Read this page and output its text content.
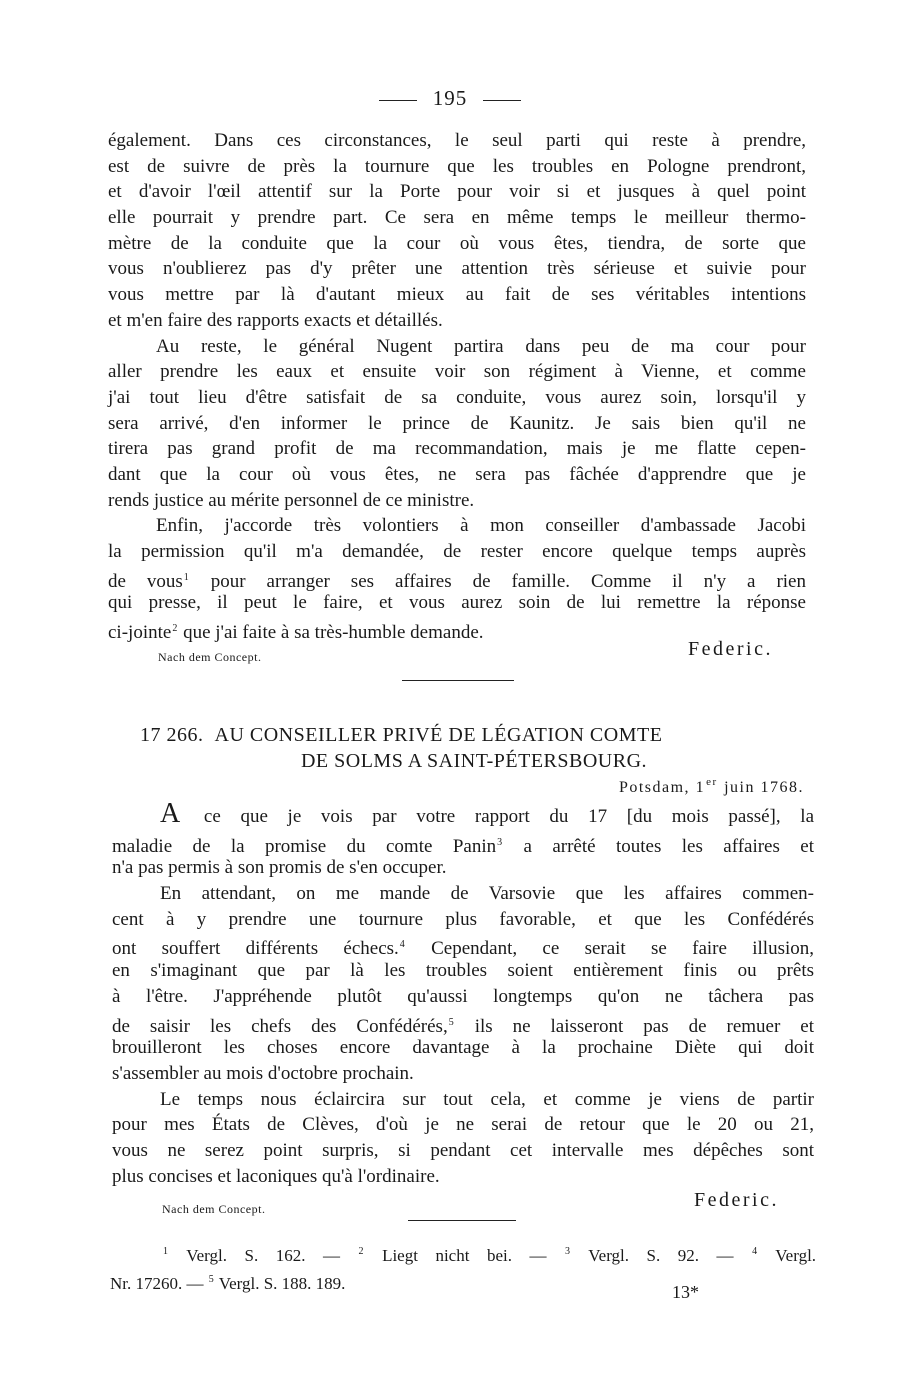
195
également. Dans ces circonstances, le seul parti qui reste à prendre,
est de suivre de près la tournure que les troubles en Pologne prendront,
et d'avoir l'œil attentif sur la Porte pour voir si et jusques à quel point
elle pourrait y prendre part. Ce sera en même temps le meilleur thermo-
mètre de la conduite que la cour où vous êtes, tiendra, de sorte que
vous n'oublierez pas d'y prêter une attention très sérieuse et suivie pour
vous mettre par là d'autant mieux au fait de ses véritables intentions
et m'en faire des rapports exacts et détaillés.
Au reste, le général Nugent partira dans peu de ma cour pour
aller prendre les eaux et ensuite voir son régiment à Vienne, et comme
j'ai tout lieu d'être satisfait de sa conduite, vous aurez soin, lorsqu'il y
sera arrivé, d'en informer le prince de Kaunitz. Je sais bien qu'il ne
tirera pas grand profit de ma recommandation, mais je me flatte cepen-
dant que la cour où vous êtes, ne sera pas fâchée d'apprendre que je
rends justice au mérite personnel de ce ministre.
Enfin, j'accorde très volontiers à mon conseiller d'ambassade Jacobi
la permission qu'il m'a demandée, de rester encore quelque temps auprès
de vous$^1$ pour arranger ses affaires de famille. Comme il n'y a rien
qui presse, il peut le faire, et vous aurez soin de lui remettre la réponse
ci-jointe$^2$ que j'ai faite à sa très-humble demande.
Nach dem Concept.	Federic.
17 266. AU CONSEILLER PRIVÉ DE LÉGATION COMTE
DE SOLMS A SAINT-PÉTERSBOURG.
Potsdam, 1er juin 1768.
A ce que je vois par votre rapport du 17 [du mois passé], la
maladie de la promise du comte Panin$^3$ a arrêté toutes les affaires et
n'a pas permis à son promis de s'en occuper.
En attendant, on me mande de Varsovie que les affaires commen-
cent à y prendre une tournure plus favorable, et que les Confédérés
ont souffert différents échecs.$^4$ Cependant, ce serait se faire illusion,
en s'imaginant que par là les troubles soient entièrement finis ou prêts
à l'être. J'appréhende plutôt qu'aussi longtemps qu'on ne tâchera pas
de saisir les chefs des Confédérés,$^5$ ils ne laisseront pas de remuer et
brouilleront les choses encore davantage à la prochaine Diète qui doit
s'assembler au mois d'octobre prochain.
Le temps nous éclaircira sur tout cela, et comme je viens de partir
pour mes États de Clèves, d'où je ne serai de retour que le 20 ou 21,
vous ne serez point surpris, si pendant cet intervalle mes dépêches sont
plus concises et laconiques qu'à l'ordinaire.
Nach dem Concept.	Federic.
$^1$ Vergl. S. 162. — $^2$ Liegt nicht bei. — $^3$ Vergl. S. 92. — $^4$ Vergl.
Nr. 17260. — $^5$ Vergl. S. 188. 189.	13*
